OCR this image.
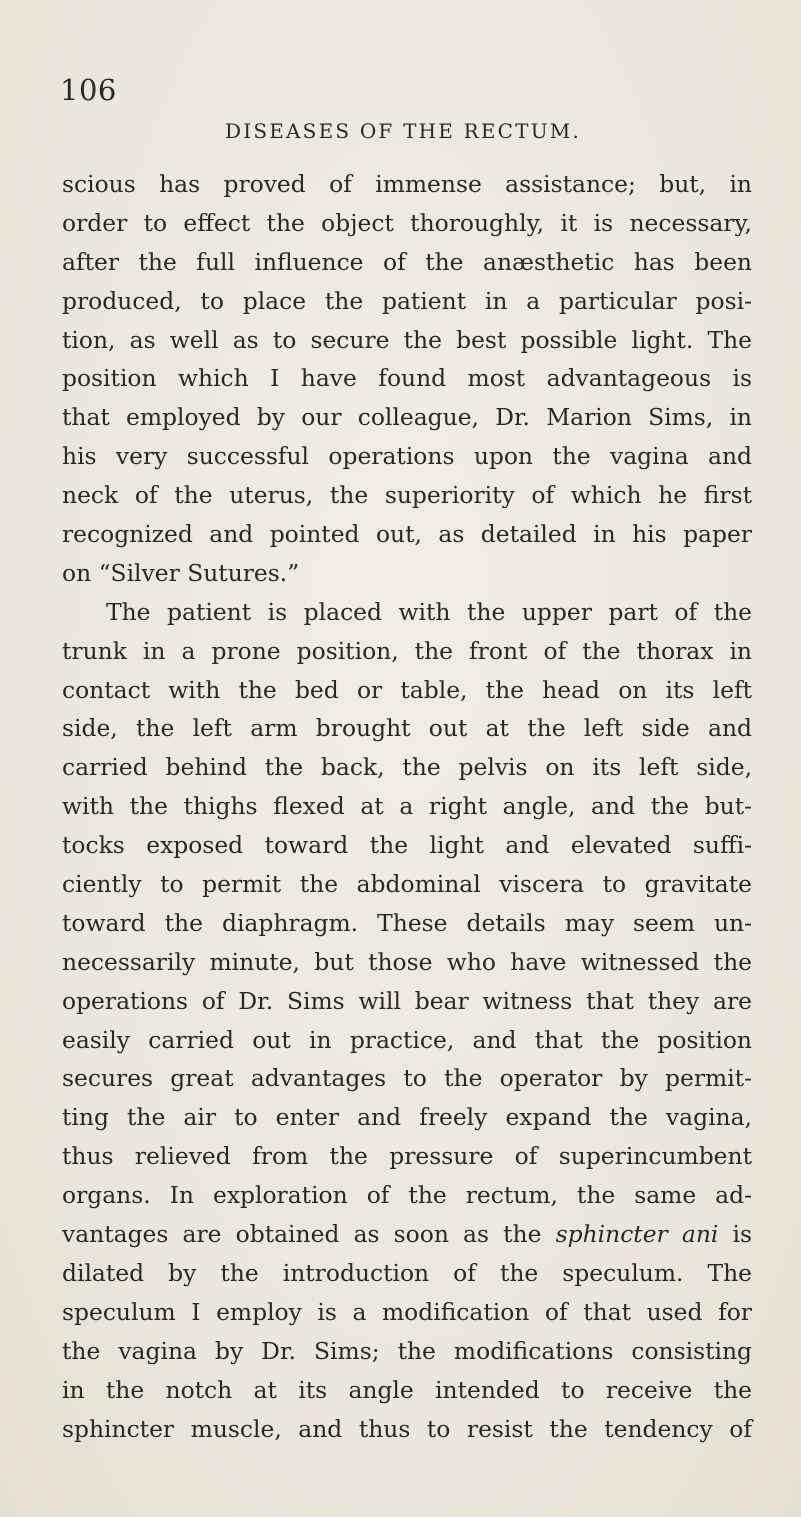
106
DISEASES OF THE RECTUM.
scious has proved of immense assistance; but, in
order to effect the object thoroughly, it is necessary,
after the full influence of the anæsthetic has been
produced, to place the patient in a particular posi-
tion, as well as to secure the best possible light. The
position which I have found most advantageous is
that employed by our colleague, Dr. Marion Sims, in
his very successful operations upon the vagina and
neck of the uterus, the superiority of which he first
recognized and pointed out, as detailed in his paper
on “Silver Sutures.”
The patient is placed with the upper part of the
trunk in a prone position, the front of the thorax in
contact with the bed or table, the head on its left
side, the left arm brought out at the left side and
carried behind the back, the pelvis on its left side,
with the thighs flexed at a right angle, and the but-
tocks exposed toward the light and elevated suffi-
ciently to permit the abdominal viscera to gravitate
toward the diaphragm. These details may seem un-
necessarily minute, but those who have witnessed the
operations of Dr. Sims will bear witness that they are
easily carried out in practice, and that the position
secures great advantages to the operator by permit-
ting the air to enter and freely expand the vagina,
thus relieved from the pressure of superincumbent
organs. In exploration of the rectum, the same ad-
vantages are obtained as soon as the sphincter ani is
dilated by the introduction of the speculum. The
speculum I employ is a modification of that used for
the vagina by Dr. Sims; the modifications consisting
in the notch at its angle intended to receive the
sphincter muscle, and thus to resist the tendency of
